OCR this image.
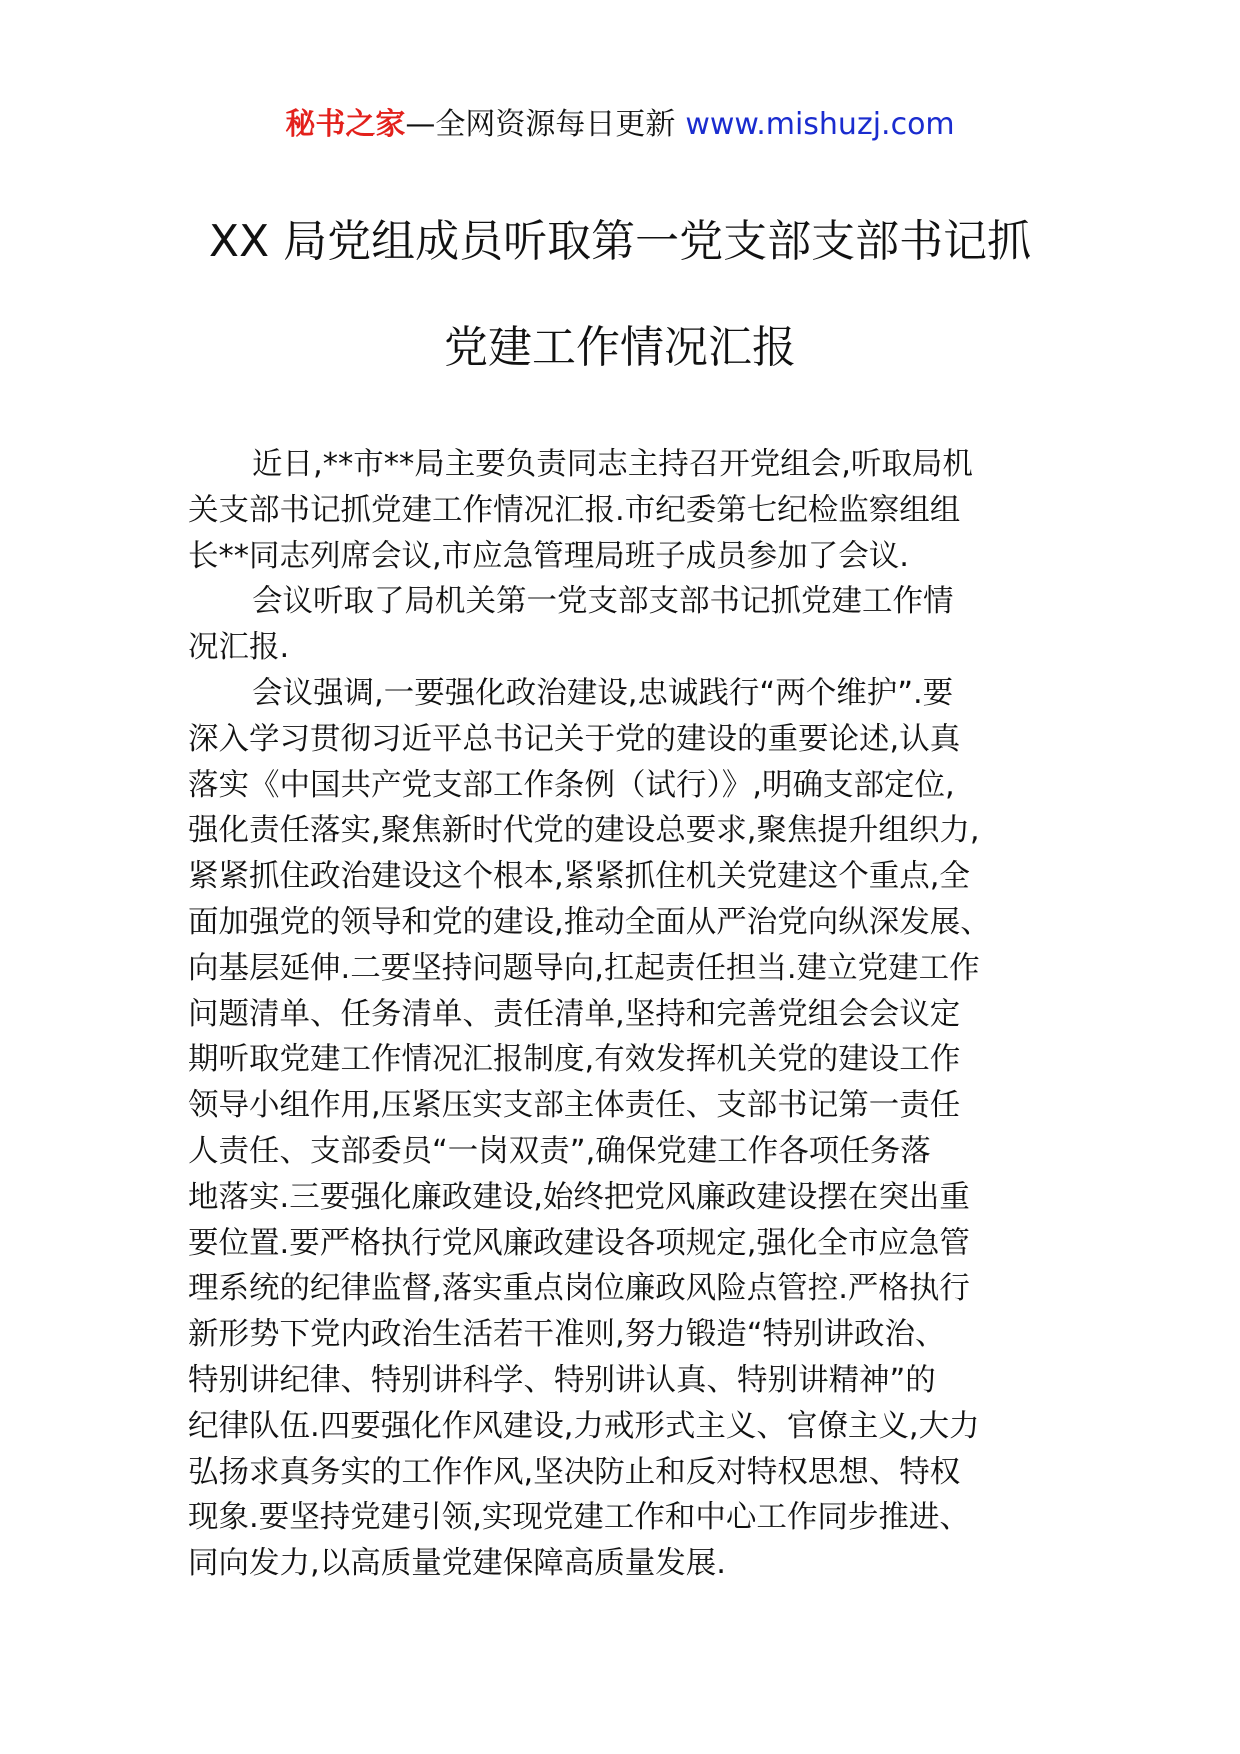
秘书之家—全网资源每日更新 www.mishuzj.com
XX 局党组成员听取第一党支部支部书记抓
党建工作情况汇报
近日,**市**局主要负责同志主持召开党组会,听取局机
关支部书记抓党建工作情况汇报.市纪委第七纪检监察组组
长**同志列席会议,市应急管理局班子成员参加了会议.
会议听取了局机关第一党支部支部书记抓党建工作情
况汇报.
会议强调,一要强化政治建设,忠诚践行“两个维护”.要
深入学习贯彻习近平总书记关于党的建设的重要论述,认真
落实《中国共产党支部工作条例（试行）》,明确支部定位,
强化责任落实,聚焦新时代党的建设总要求,聚焦提升组织力,
紧紧抓住政治建设这个根本,紧紧抓住机关党建这个重点,全
面加强党的领导和党的建设,推动全面从严治党向纵深发展、
向基层延伸.二要坚持问题导向,扛起责任担当.建立党建工作
问题清单、任务清单、责任清单,坚持和完善党组会会议定
期听取党建工作情况汇报制度,有效发挥机关党的建设工作
领导小组作用,压紧压实支部主体责任、支部书记第一责任
人责任、支部委员“一岗双责”,确保党建工作各项任务落
地落实.三要强化廉政建设,始终把党风廉政建设摆在突出重
要位置.要严格执行党风廉政建设各项规定,强化全市应急管
理系统的纪律监督,落实重点岗位廉政风险点管控.严格执行
新形势下党内政治生活若干准则,努力锻造“特别讲政治、
特别讲纪律、特别讲科学、特别讲认真、特别讲精神”的
纪律队伍.四要强化作风建设,力戒形式主义、官僚主义,大力
弘扬求真务实的工作作风,坚决防止和反对特权思想、特权
现象.要坚持党建引领,实现党建工作和中心工作同步推进、
同向发力,以高质量党建保障高质量发展.
